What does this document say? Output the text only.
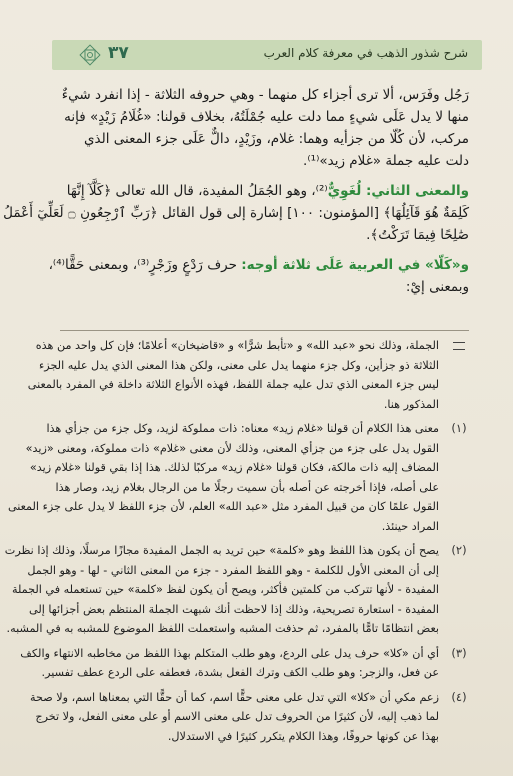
٣٧	شرح شذور الذهب في معرفة كلام العرب

رَجُل وفَرَس، ألا ترى أجزاء كل منهما - وهي حروفه الثلاثة - إذا انفرد شيءٌ

منها لا يدل عَلَى شيءٍ مما دلت عليه جُمْلَتُهُ، بخلاف قولنا: «غُلَامُ زَيْدٍ» فإنه

مركب، لأن كُلّا من جزأيه وهما: غلام، وزَيْدٍ، دالٌّ عَلَى جزء المعنى الذي

دلت عليه جملة «غلام زيد»⁽¹⁾.

والمعنى الثاني: لُغَوِيٌّ⁽²⁾، وهو الجُمَلُ المفيدة، قال الله تعالى ﴿كَلَّآ إِنَّهَا

كَلِمَةٌ هُوَ قَآئِلُهَا﴾ [المؤمنون: ١٠٠] إشارة إلى قول القائل ﴿رَبِّ ٱرْجِعُونِ ۝ لَعَلِّيٓ أَعْمَلُ

صَٰلِحًا فِيمَا تَرَكْتُ﴾.

و«كَلّا» في العربية عَلَى ثلاثة أوجه: حرف رَدْعٍ وزَجْرٍ⁽³⁾، وبمعنى حَقًّا⁽⁴⁾،

وبمعنى إيْ:

الجملة، وذلك نحو «عبد الله» و «تأبط شرًّا» و «قاضيخان» أعلامًا؛ فإن كل واحد من هذه

الثلاثة ذو جزأين، وكل جزء منهما يدل على معنى، ولكن هذا المعنى الذي يدل عليه الجزء

ليس جزء المعنى الذي تدل عليه جملة اللفظ، فهذه الأنواع الثلاثة داخلة في المفرد بالمعنى

المذكور هنا.

(١)

معنى هذا الكلام أن قولنا «غلام زيد» معناه: ذات مملوكة لزيد، وكل جزء من جزأي هذا

القول يدل على جزء من جزأي المعنى، وذلك لأن معنى «غلام» ذات مملوكة، ومعنى «زيد»

المضاف إليه ذات مالكة، فكان قولنا «غلام زيد» مركبًا لذلك. هذا إذا بقي قولنا «غلام زيد»

على أصله، فإذا أخرجته عن أصله بأن سميت رجلًا ما من الرجال بغلام زيد، وصار هذا

القول علمًا كان من قبيل المفرد مثل «عبد الله» العلم، لأن جزء اللفظ لا يدل على جزء المعنى

المراد حينئذ.

(٢)

يصح أن يكون هذا اللفظ وهو «كلمة» حين تريد به الجمل المفيدة مجازًا مرسلًا، وذلك إذا نظرت

إلى أن المعنى الأول للكلمة - وهو اللفظ المفرد - جزء من المعنى الثاني - لها - وهو الجمل

المفيدة - لأنها تتركب من كلمتين فأكثر، ويصح أن يكون لفظ «كلمة» حين تستعمله في الجملة

المفيدة - استعارة تصريحية، وذلك إذا لاحظت أنك شبهت الجملة المنتظم بعض أجزائها إلى

بعض انتظامًا تامًّا بالمفرد، ثم حذفت المشبه واستعملت اللفظ الموضوع للمشبه به في المشبه.

(٣)

أي أن «كلا» حرف يدل على الردع، وهو طلب المتكلم بهذا اللفظ من مخاطبه الانتهاء والكف

عن فعل، والزجر: وهو طلب الكف وترك الفعل بشدة، فعطفه على الردع عطف تفسير.

(٤)

زعم مكي أن «كلا» التي تدل على معنى حقًّا اسم، كما أن حقًّا التي بمعناها اسم، ولا صحة

لما ذهب إليه، لأن كثيرًا من الحروف تدل على معنى الاسم أو على معنى الفعل، ولا تخرج

بهذا عن كونها حروفًا، وهذا الكلام يتكرر كثيرًا في الاستدلال.
